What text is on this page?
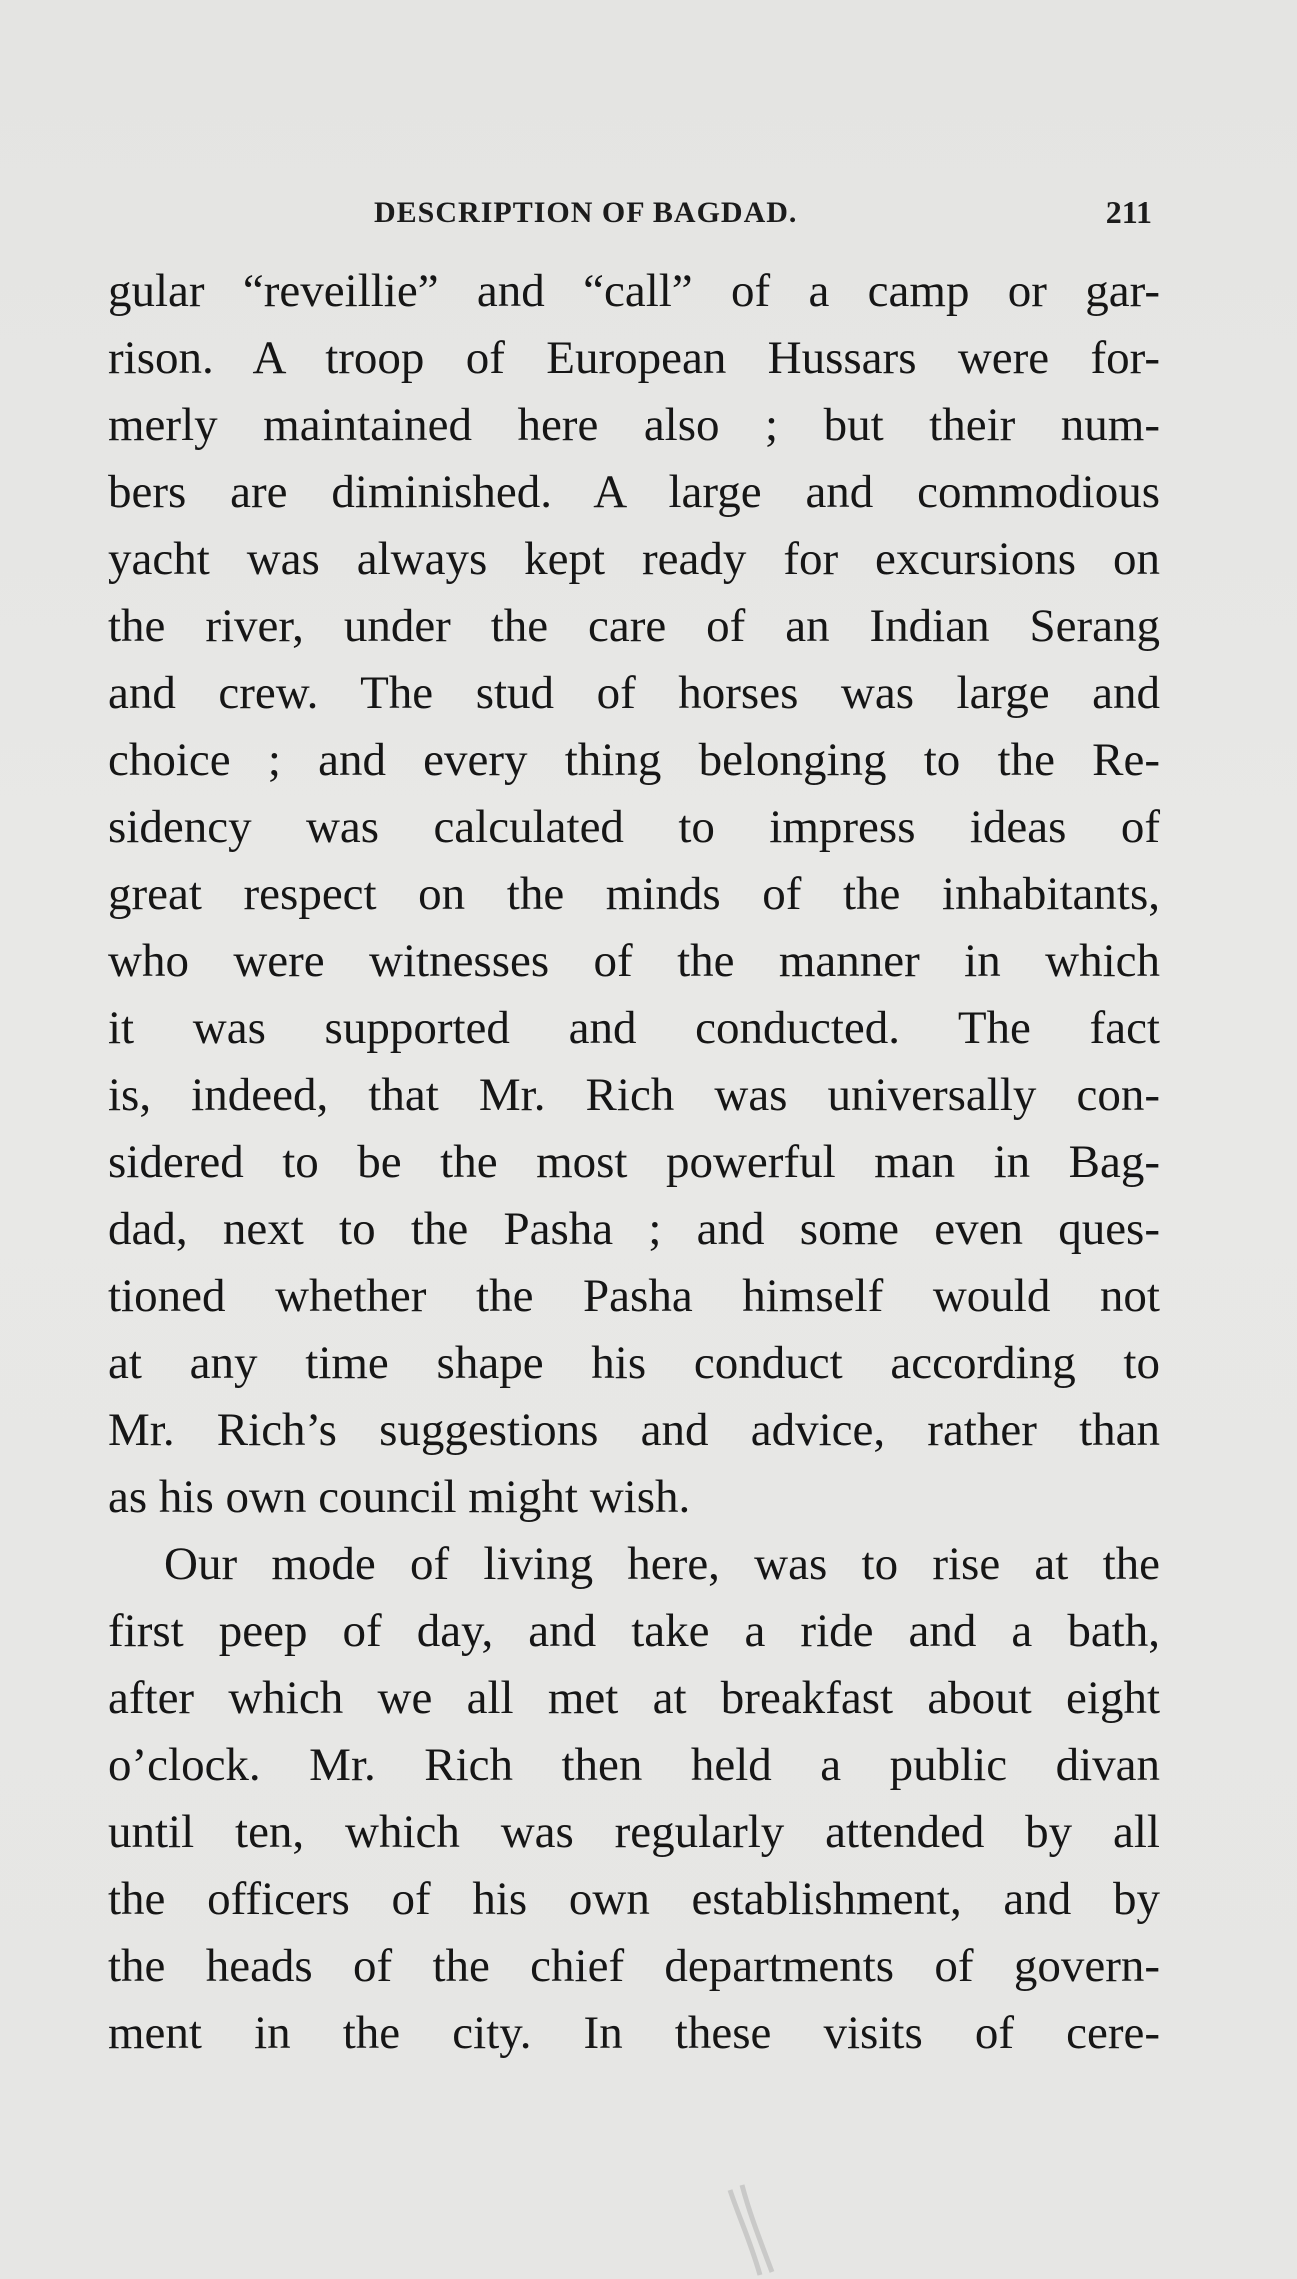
DESCRIPTION OF BAGDAD.	211
gular “reveillie” and “call” of a camp or gar-
rison. A troop of European Hussars were for-
merly maintained here also ; but their num-
bers are diminished. A large and commodious
yacht was always kept ready for excursions on
the river, under the care of an Indian Serang
and crew. The stud of horses was large and
choice ; and every thing belonging to the Re-
sidency was calculated to impress ideas of
great respect on the minds of the inhabitants,
who were witnesses of the manner in which
it was supported and conducted. The fact
is, indeed, that Mr. Rich was universally con-
sidered to be the most powerful man in Bag-
dad, next to the Pasha ; and some even ques-
tioned whether the Pasha himself would not
at any time shape his conduct according to
Mr. Rich’s suggestions and advice, rather than
as his own council might wish.
Our mode of living here, was to rise at the
first peep of day, and take a ride and a bath,
after which we all met at breakfast about eight
o’clock. Mr. Rich then held a public divan
until ten, which was regularly attended by all
the officers of his own establishment, and by
the heads of the chief departments of govern-
ment in the city. In these visits of cere-
